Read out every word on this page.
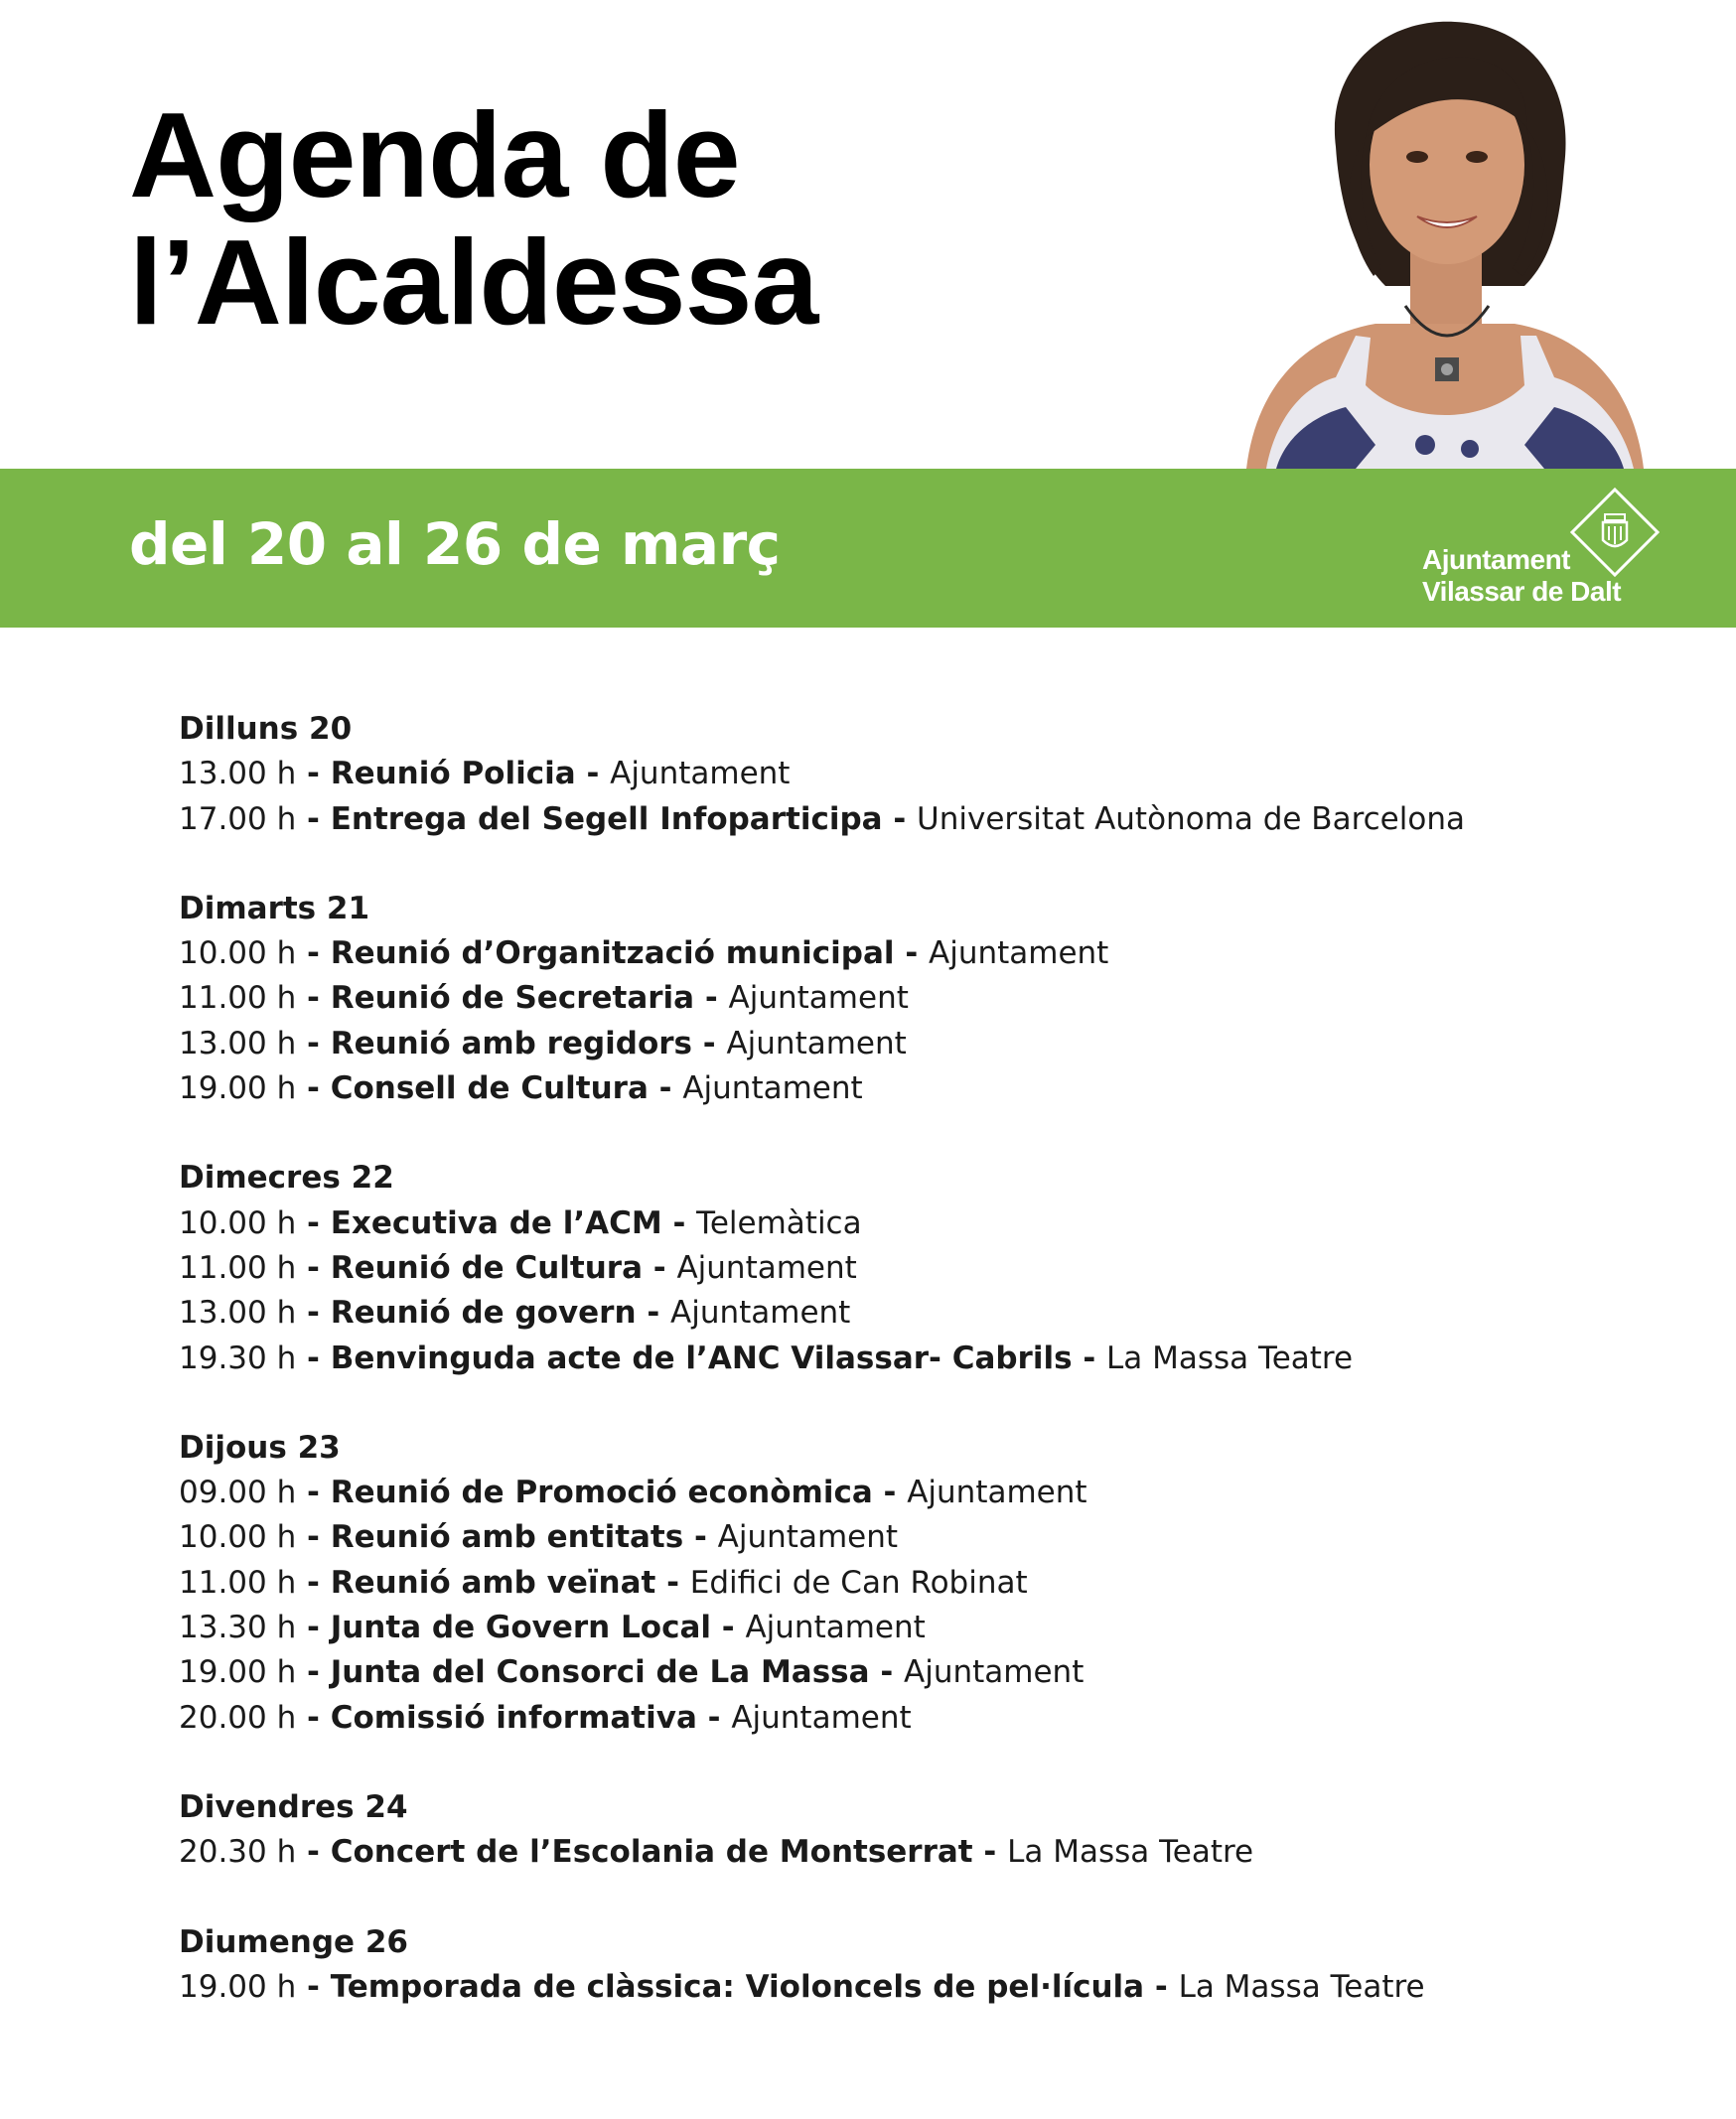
Agenda de
l’Alcaldessa
del 20 al 26 de març	Ajuntament
Vilassar de Dalt
Dilluns 20
13.00 h - Reunió Policia - Ajuntament
17.00 h - Entrega del Segell Infoparticipa - Universitat Autònoma de Barcelona
Dimarts 21
10.00 h - Reunió d’Organització municipal - Ajuntament
11.00 h - Reunió de Secretaria - Ajuntament
13.00 h - Reunió amb regidors - Ajuntament
19.00 h - Consell de Cultura - Ajuntament
Dimecres 22
10.00 h - Executiva de l’ACM - Telemàtica
11.00 h - Reunió de Cultura - Ajuntament
13.00 h - Reunió de govern - Ajuntament
19.30 h - Benvinguda acte de l’ANC Vilassar- Cabrils - La Massa Teatre
Dijous 23
09.00 h - Reunió de Promoció econòmica - Ajuntament
10.00 h - Reunió amb entitats - Ajuntament
11.00 h - Reunió amb veïnat - Edifici de Can Robinat
13.30 h - Junta de Govern Local - Ajuntament
19.00 h - Junta del Consorci de La Massa - Ajuntament
20.00 h - Comissió informativa - Ajuntament
Divendres 24
20.30 h - Concert de l’Escolania de Montserrat - La Massa Teatre
Diumenge 26
19.00 h - Temporada de clàssica: Violoncels de pel·lícula - La Massa Teatre
